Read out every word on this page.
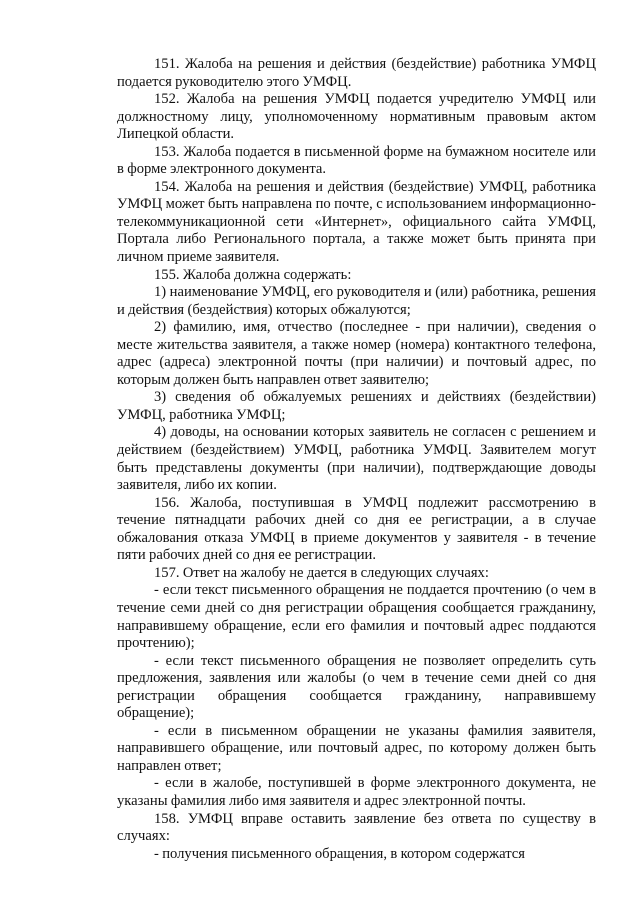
151. Жалоба на решения и действия (бездействие) работника УМФЦ подается руководителю этого УМФЦ.

152. Жалоба на решения УМФЦ подается учредителю УМФЦ или должностному лицу, уполномоченному нормативным правовым актом Липецкой области.

153. Жалоба подается в письменной форме на бумажном носителе или в форме электронного документа.

154. Жалоба на решения и действия (бездействие) УМФЦ, работника УМФЦ может быть направлена по почте, с использованием информационно-телекоммуникационной сети «Интернет», официального сайта УМФЦ, Портала либо Регионального портала, а также может быть принята при личном приеме заявителя.

155. Жалоба должна содержать:

1) наименование УМФЦ, его руководителя и (или) работника, решения и действия (бездействия) которых обжалуются;

2) фамилию, имя, отчество (последнее - при наличии), сведения о месте жительства заявителя, а также номер (номера) контактного телефона, адрес (адреса) электронной почты (при наличии) и почтовый адрес, по которым должен быть направлен ответ заявителю;

3) сведения об обжалуемых решениях и действиях (бездействии) УМФЦ, работника УМФЦ;

4) доводы, на основании которых заявитель не согласен с решением и действием (бездействием) УМФЦ, работника УМФЦ. Заявителем могут быть представлены документы (при наличии), подтверждающие доводы заявителя, либо их копии.

156. Жалоба, поступившая в УМФЦ подлежит рассмотрению в течение пятнадцати рабочих дней со дня ее регистрации, а в случае обжалования отказа УМФЦ в приеме документов у заявителя - в течение пяти рабочих дней со дня ее регистрации.

157. Ответ на жалобу не дается в следующих случаях:

- если текст письменного обращения не поддается прочтению (о чем в течение семи дней со дня регистрации обращения сообщается гражданину, направившему обращение, если его фамилия и почтовый адрес поддаются прочтению);

- если текст письменного обращения не позволяет определить суть предложения, заявления или жалобы (о чем в течение семи дней со дня регистрации обращения сообщается гражданину, направившему обращение);

- если в письменном обращении не указаны фамилия заявителя, направившего обращение, или почтовый адрес, по которому должен быть направлен ответ;

- если в жалобе, поступившей в форме электронного документа, не указаны фамилия либо имя заявителя и адрес электронной почты.

158. УМФЦ вправе оставить заявление без ответа по существу в случаях:

- получения письменного обращения, в котором содержатся
